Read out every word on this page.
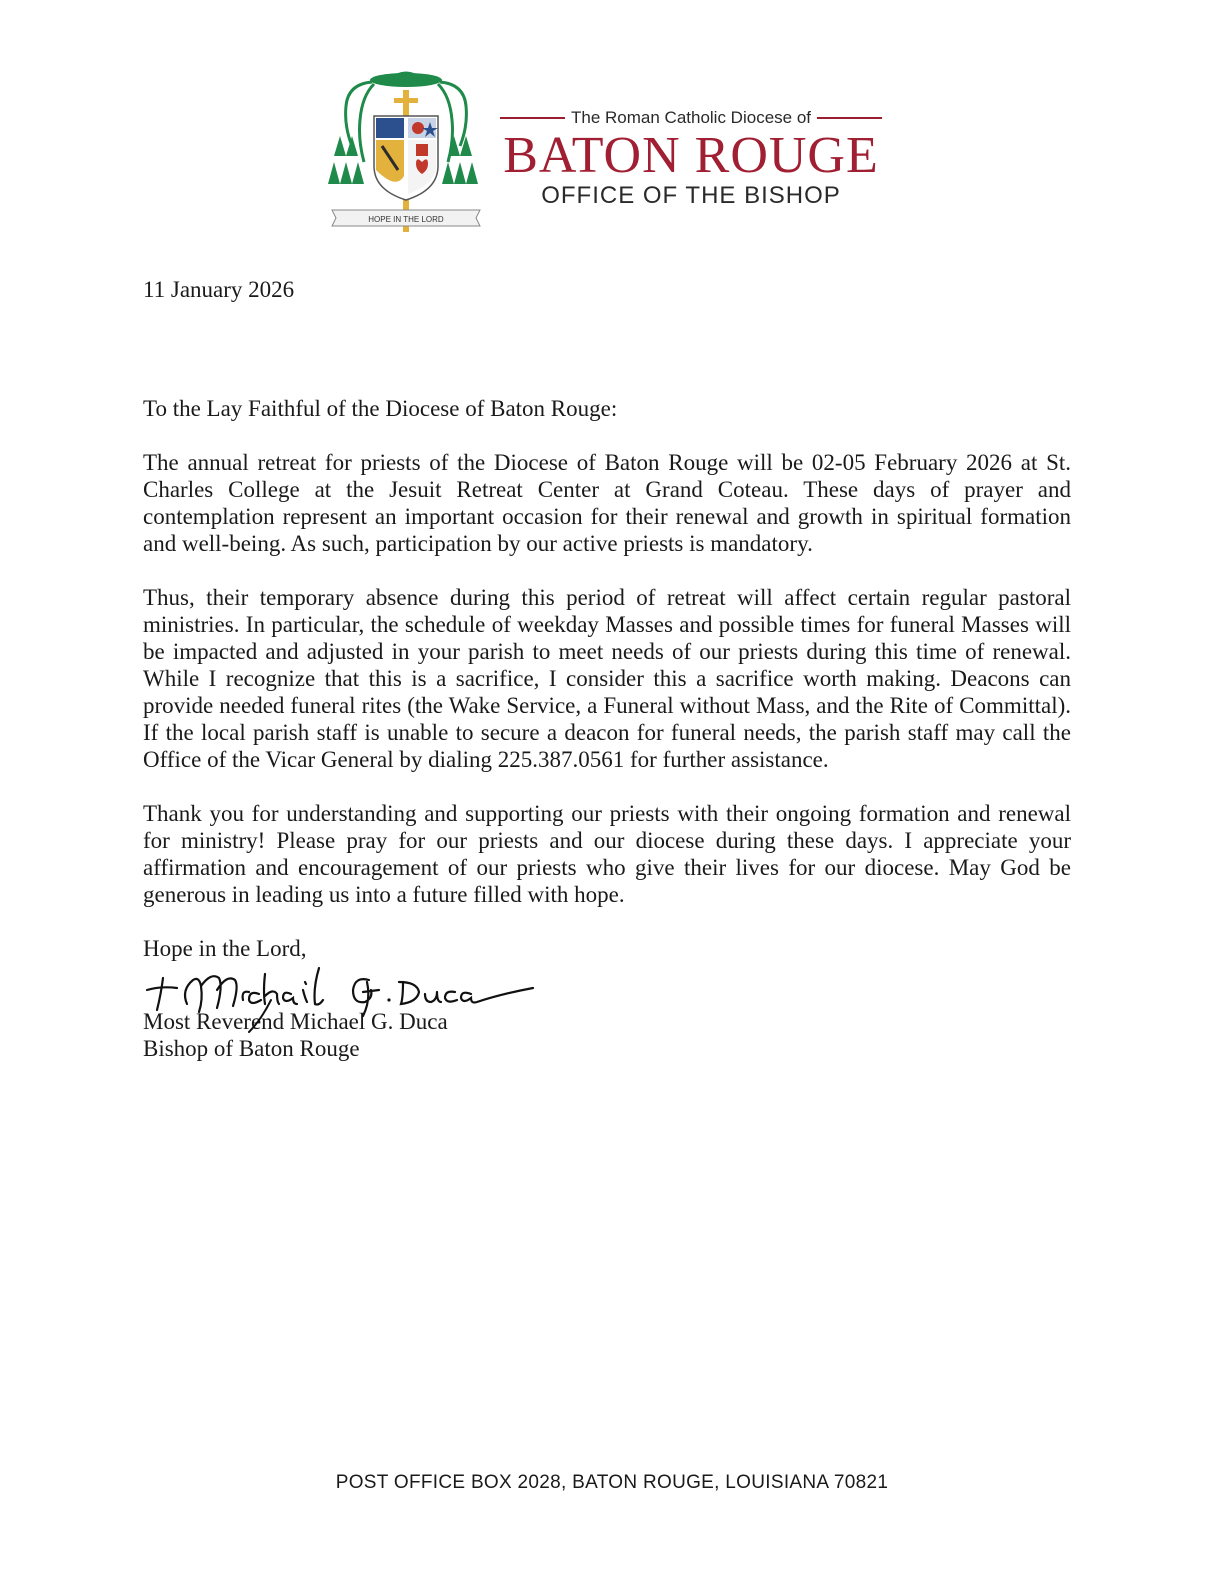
HOPE IN THE LORD
The Roman Catholic Diocese of
BATON ROUGE
OFFICE OF THE BISHOP

11 January 2026

To the Lay Faithful of the Diocese of Baton Rouge:

The annual retreat for priests of the Diocese of Baton Rouge will be 02-05 February 2026 at St. Charles College at the Jesuit Retreat Center at Grand Coteau. These days of prayer and contemplation represent an important occasion for their renewal and growth in spiritual formation and well-being. As such, participation by our active priests is mandatory.

Thus, their temporary absence during this period of retreat will affect certain regular pastoral ministries. In particular, the schedule of weekday Masses and possible times for funeral Masses will be impacted and adjusted in your parish to meet needs of our priests during this time of renewal. While I recognize that this is a sacrifice, I consider this a sacrifice worth making. Deacons can provide needed funeral rites (the Wake Service, a Funeral without Mass, and the Rite of Committal). If the local parish staff is unable to secure a deacon for funeral needs, the parish staff may call the Office of the Vicar General by dialing 225.387.0561 for further assistance.

Thank you for understanding and supporting our priests with their ongoing formation and renewal for ministry! Please pray for our priests and our diocese during these days. I appreciate your affirmation and encouragement of our priests who give their lives for our diocese. May God be generous in leading us into a future filled with hope.

Hope in the Lord,

Most Reverend Michael G. Duca

Bishop of Baton Rouge

POST OFFICE BOX 2028, BATON ROUGE, LOUISIANA 70821
